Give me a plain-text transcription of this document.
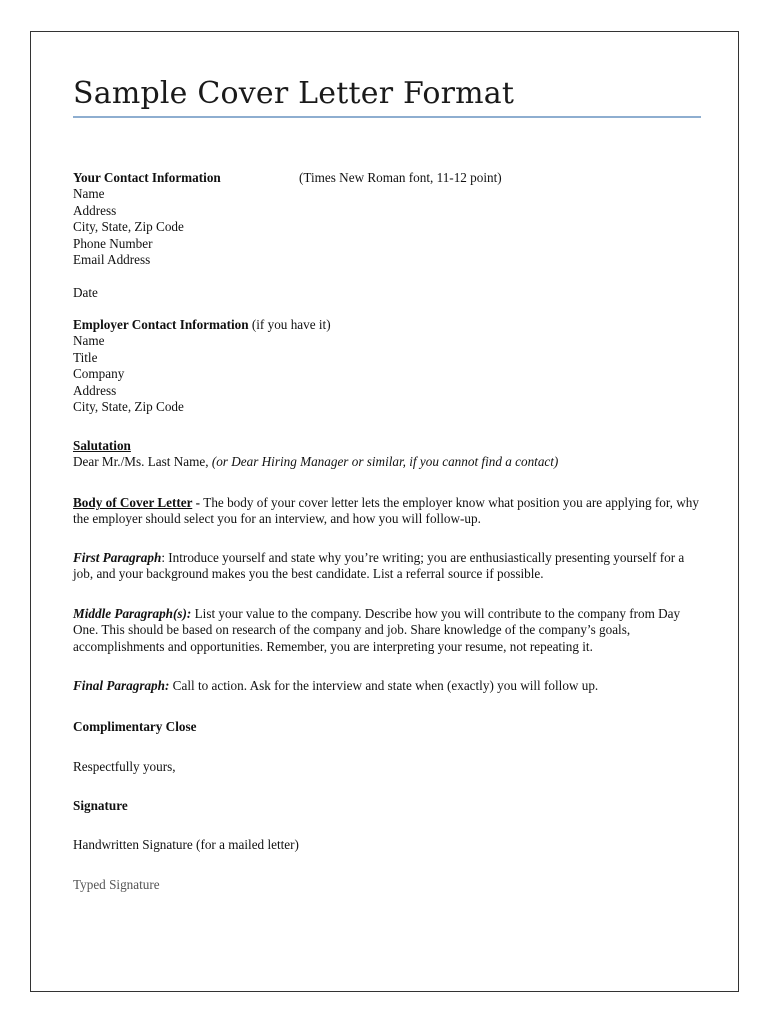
Sample Cover Letter Format
Your Contact Information	(Times New Roman font, 11-12 point)
Name
Address
City, State, Zip Code
Phone Number
Email Address
Date
Employer Contact Information (if you have it)
Name
Title
Company
Address
City, State, Zip Code
Salutation
Dear Mr./Ms. Last Name, (or Dear Hiring Manager or similar, if you cannot find a contact)
Body of Cover Letter - The body of your cover letter lets the employer know what position you are applying for, why the employer should select you for an interview, and how you will follow-up.
First Paragraph: Introduce yourself and state why you’re writing; you are enthusiastically presenting yourself for a job, and your background makes you the best candidate. List a referral source if possible.
Middle Paragraph(s): List your value to the company. Describe how you will contribute to the company from Day One. This should be based on research of the company and job. Share knowledge of the company’s goals, accomplishments and opportunities. Remember, you are interpreting your resume, not repeating it.
Final Paragraph: Call to action. Ask for the interview and state when (exactly) you will follow up.
Complimentary Close
Respectfully yours,
Signature
Handwritten Signature (for a mailed letter)
Typed Signature
